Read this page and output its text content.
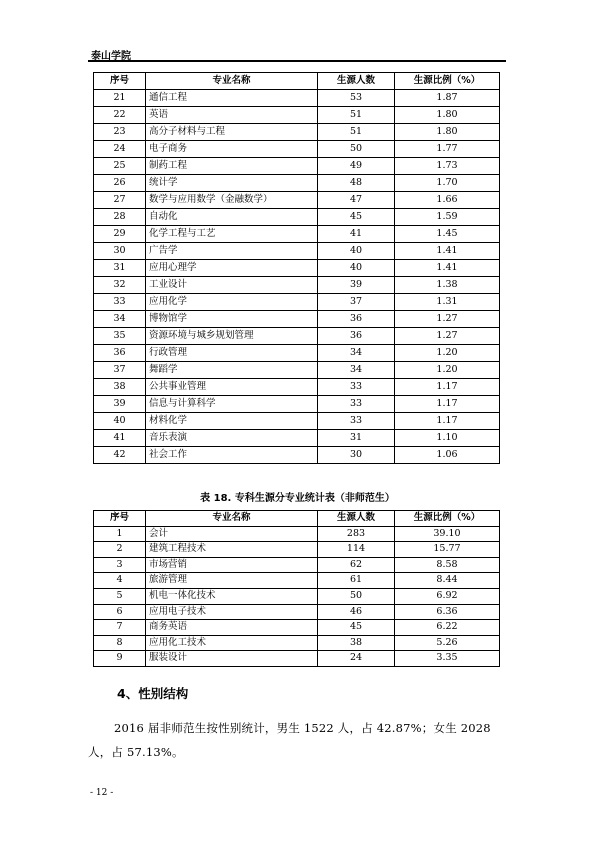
泰山学院
序号	专业名称	生源人数	生源比例（%）
21	通信工程	53	1.87
22	英语	51	1.80
23	高分子材料与工程	51	1.80
24	电子商务	50	1.77
25	制药工程	49	1.73
26	统计学	48	1.70
27	数学与应用数学（金融数学）	47	1.66
28	自动化	45	1.59
29	化学工程与工艺	41	1.45
30	广告学	40	1.41
31	应用心理学	40	1.41
32	工业设计	39	1.38
33	应用化学	37	1.31
34	博物馆学	36	1.27
35	资源环境与城乡规划管理	36	1.27
36	行政管理	34	1.20
37	舞蹈学	34	1.20
38	公共事业管理	33	1.17
39	信息与计算科学	33	1.17
40	材料化学	33	1.17
41	音乐表演	31	1.10
42	社会工作	30	1.06
表 18. 专科生源分专业统计表（非师范生）
序号	专业名称	生源人数	生源比例（%）
1	会计	283	39.10
2	建筑工程技术	114	15.77
3	市场营销	62	8.58
4	旅游管理	61	8.44
5	机电一体化技术	50	6.92
6	应用电子技术	46	6.36
7	商务英语	45	6.22
8	应用化工技术	38	5.26
9	服装设计	24	3.35
4、性别结构
2016 届非师范生按性别统计，男生 1522 人，占 42.87%；女生 2028 人，占 57.13%。
- 12 -
